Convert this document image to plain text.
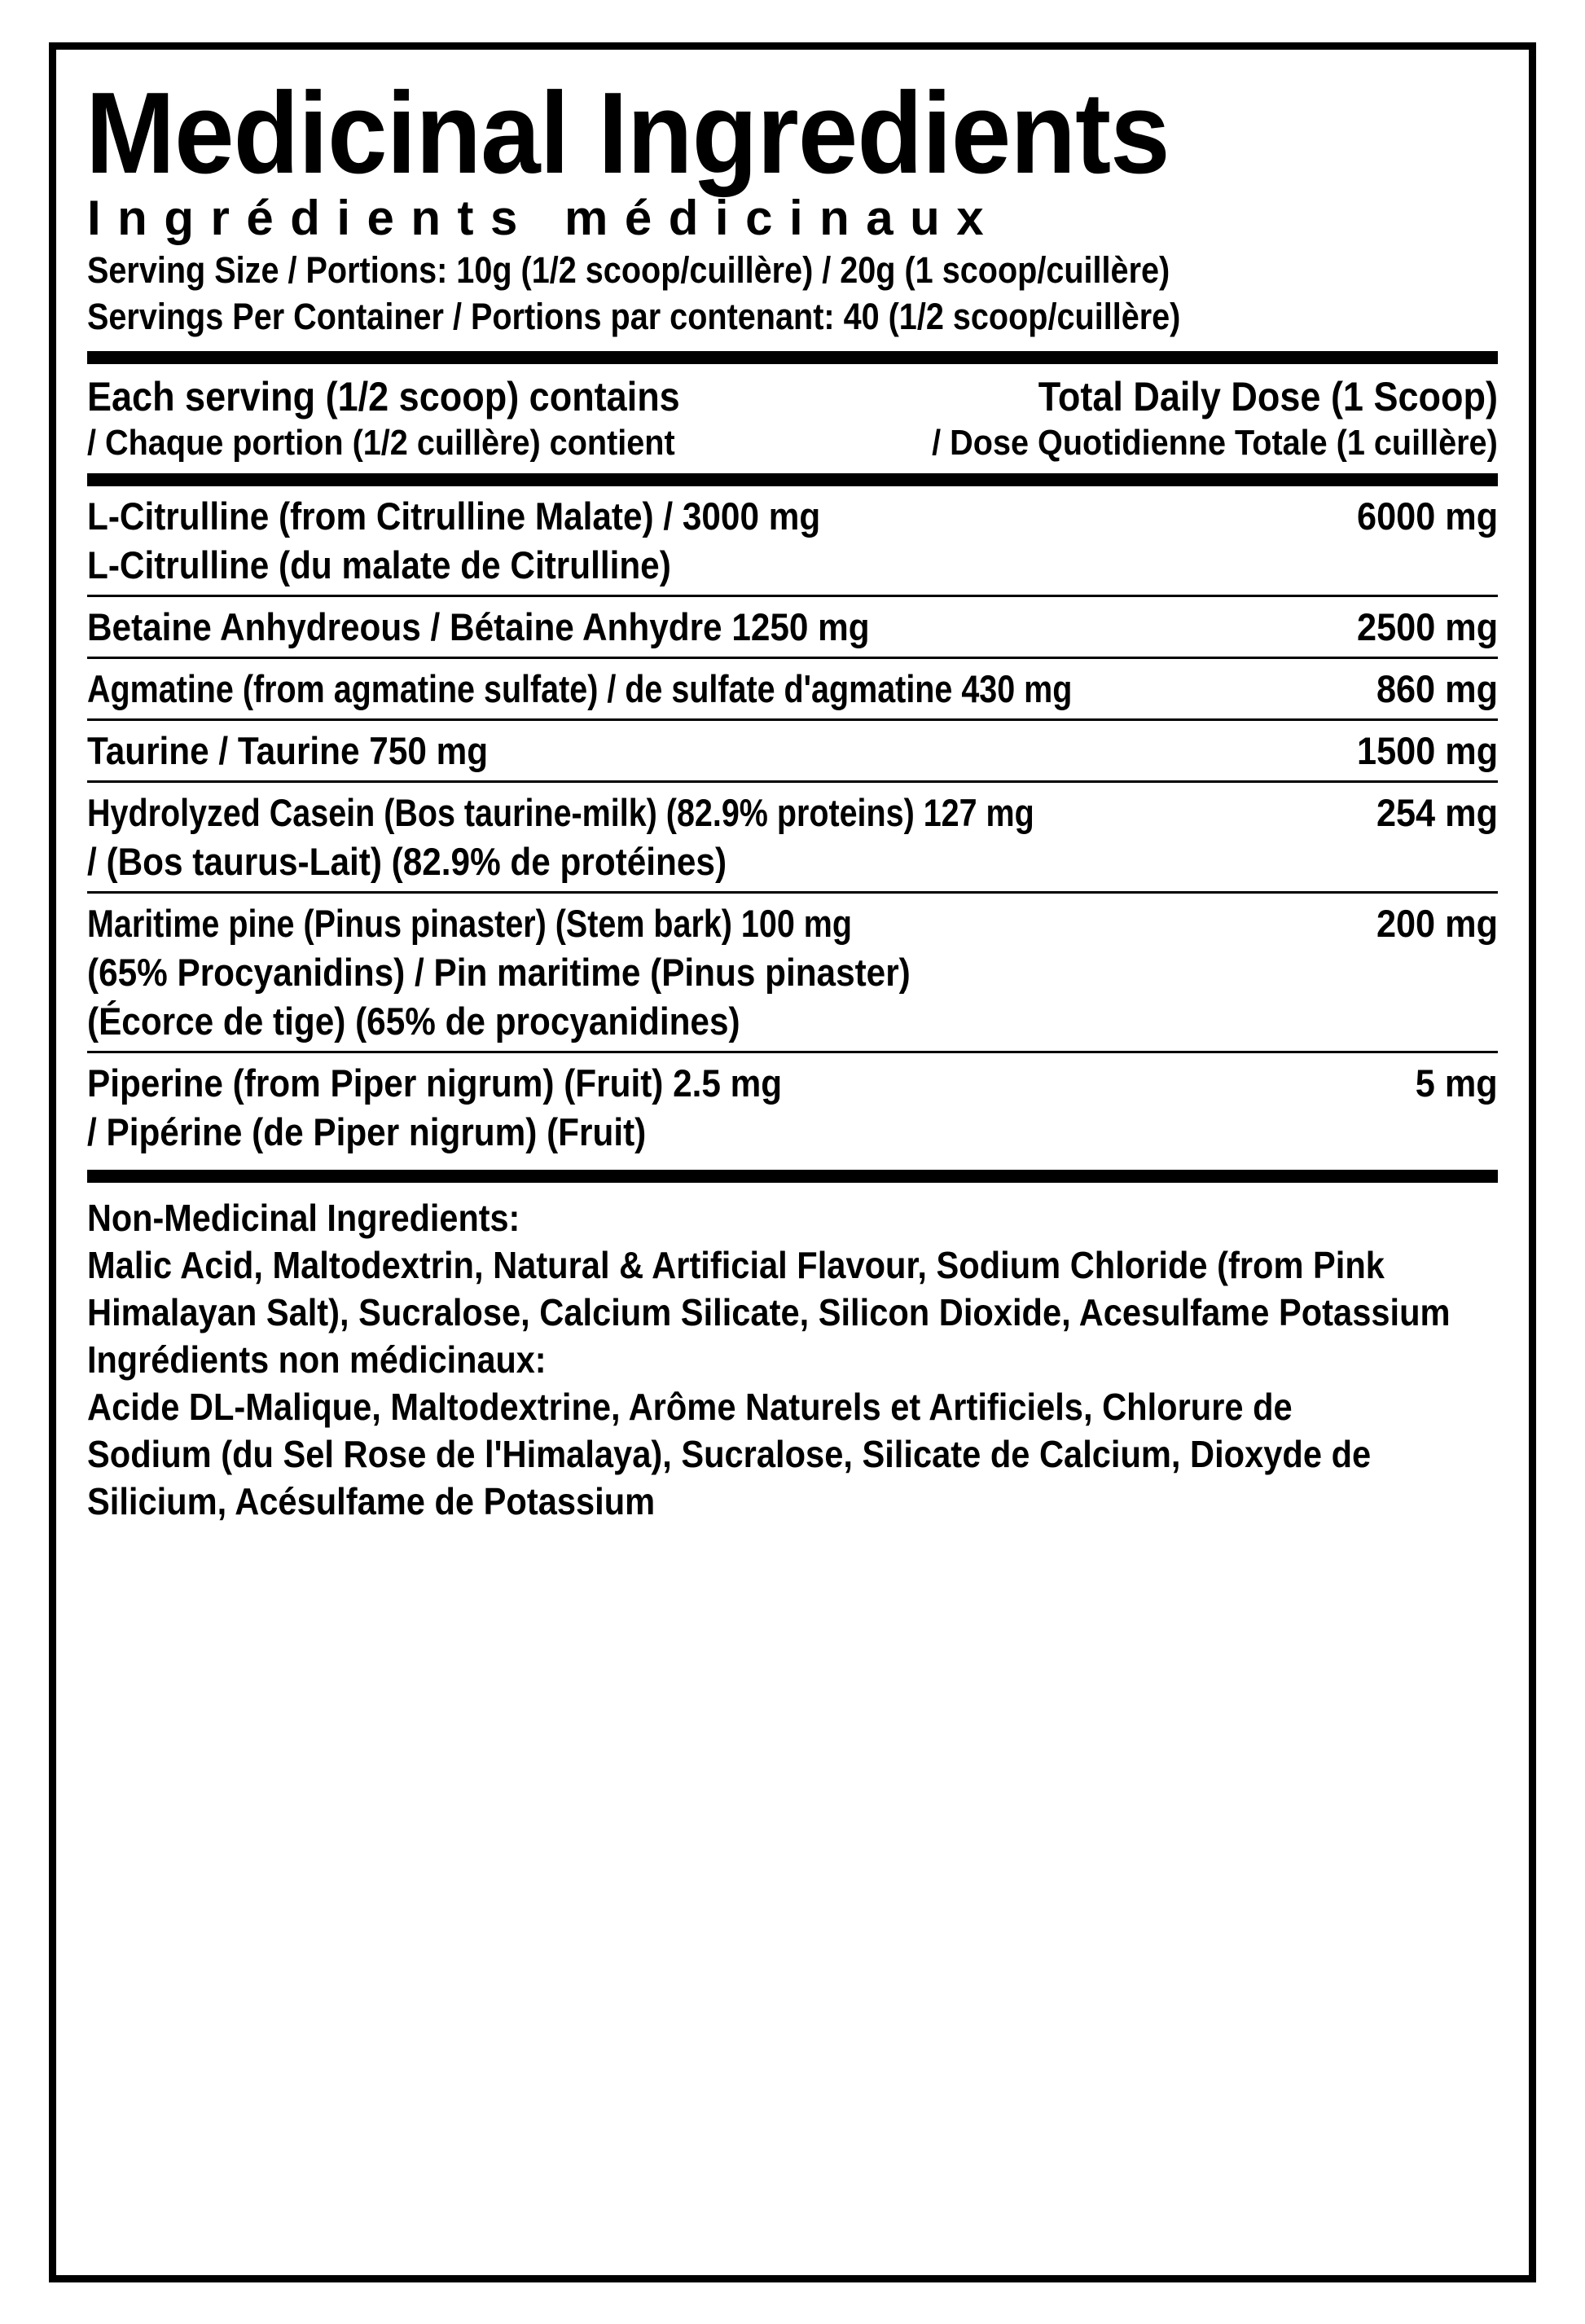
Medicinal Ingredients
Ingrédients médicinaux
Serving Size / Portions: 10g (1/2 scoop/cuillère) / 20g (1 scoop/cuillère)
Servings Per Container / Portions par contenant: 40 (1/2 scoop/cuillère)
Each serving (1/2 scoop) contains	Total Daily Dose (1 Scoop)
/ Chaque portion (1/2 cuillère) contient	/ Dose Quotidienne Totale (1 cuillère)
L-Citrulline (from Citrulline Malate) / 3000 mg	6000 mg
L-Citrulline (du malate de Citrulline)
Betaine Anhydreous / Bétaine Anhydre 1250 mg	2500 mg
Agmatine (from agmatine sulfate) / de sulfate d'agmatine 430 mg	860 mg
Taurine / Taurine 750 mg	1500 mg
Hydrolyzed Casein (Bos taurine-milk) (82.9% proteins) 127 mg	254 mg
/ (Bos taurus-Lait) (82.9% de protéines)
Maritime pine (Pinus pinaster) (Stem bark) 100 mg	200 mg
(65% Procyanidins) / Pin maritime (Pinus pinaster)
(Écorce de tige) (65% de procyanidines)
Piperine (from Piper nigrum) (Fruit) 2.5 mg	5 mg
/ Pipérine (de Piper nigrum) (Fruit)
Non-Medicinal Ingredients:
Malic Acid, Maltodextrin, Natural & Artificial Flavour, Sodium Chloride (from Pink
Himalayan Salt), Sucralose, Calcium Silicate, Silicon Dioxide, Acesulfame Potassium
Ingrédients non médicinaux:
Acide DL-Malique, Maltodextrine, Arôme Naturels et Artificiels, Chlorure de
Sodium (du Sel Rose de l'Himalaya), Sucralose, Silicate de Calcium, Dioxyde de
Silicium, Acésulfame de Potassium
